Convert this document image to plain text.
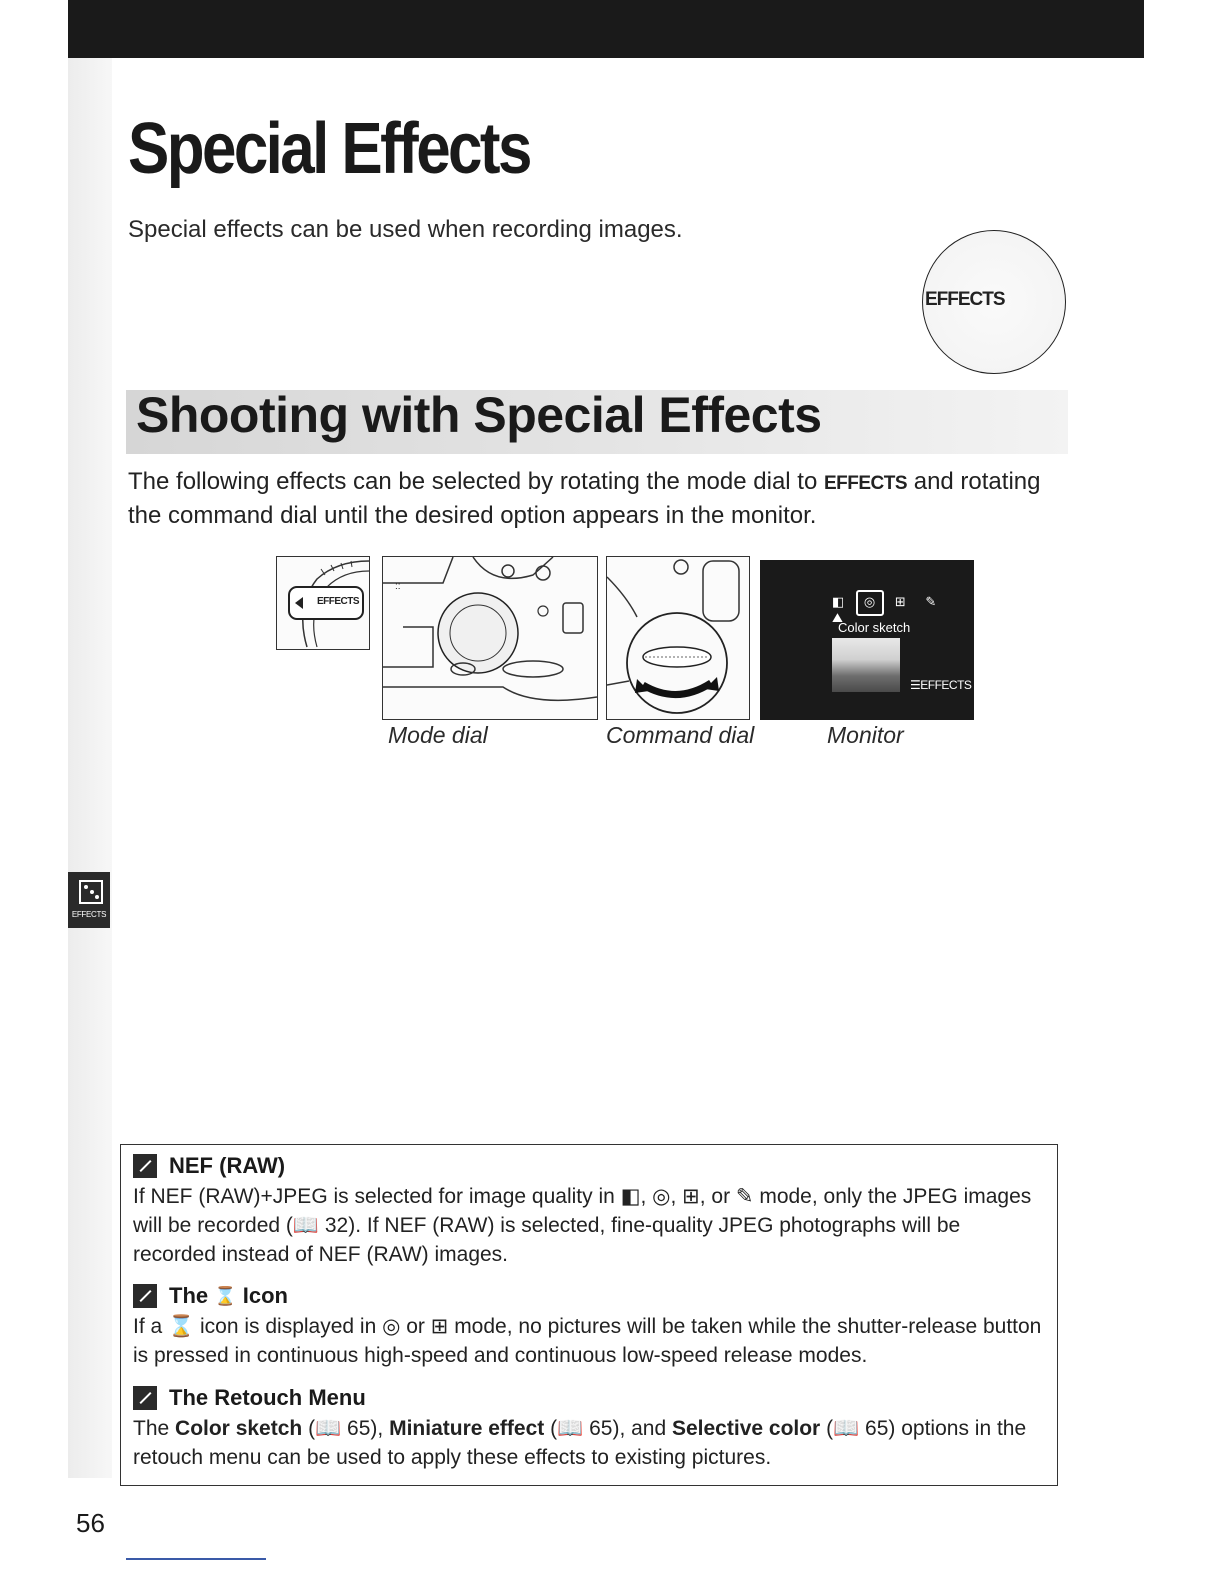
EFFECTS
Special Effects
Special effects can be used when recording images.
EFFECTS
Shooting with Special Effects

The following effects can be selected by rotating the mode dial to EFFECTS and rotating the command dial until the desired option appears in the monitor.

EFFECTS
::
◧ ◎ ⊞ ✎ ⛰
Color sketch
☰EFFECTS
Mode dial	Command dial	Monitor
NEF (RAW)
If NEF (RAW)+JPEG is selected for image quality in ◧, ◎, ⊞, or ✎ mode, only the JPEG images will be recorded (📖 32). If NEF (RAW) is selected, fine-quality JPEG photographs will be recorded instead of NEF (RAW) images.
The ⌛ Icon
If a ⌛ icon is displayed in ◎ or ⊞ mode, no pictures will be taken while the shutter-release button is pressed in continuous high-speed and continuous low-speed release modes.
The Retouch Menu
The Color sketch (📖 65), Miniature effect (📖 65), and Selective color (📖 65) options in the retouch menu can be used to apply these effects to existing pictures.
56
